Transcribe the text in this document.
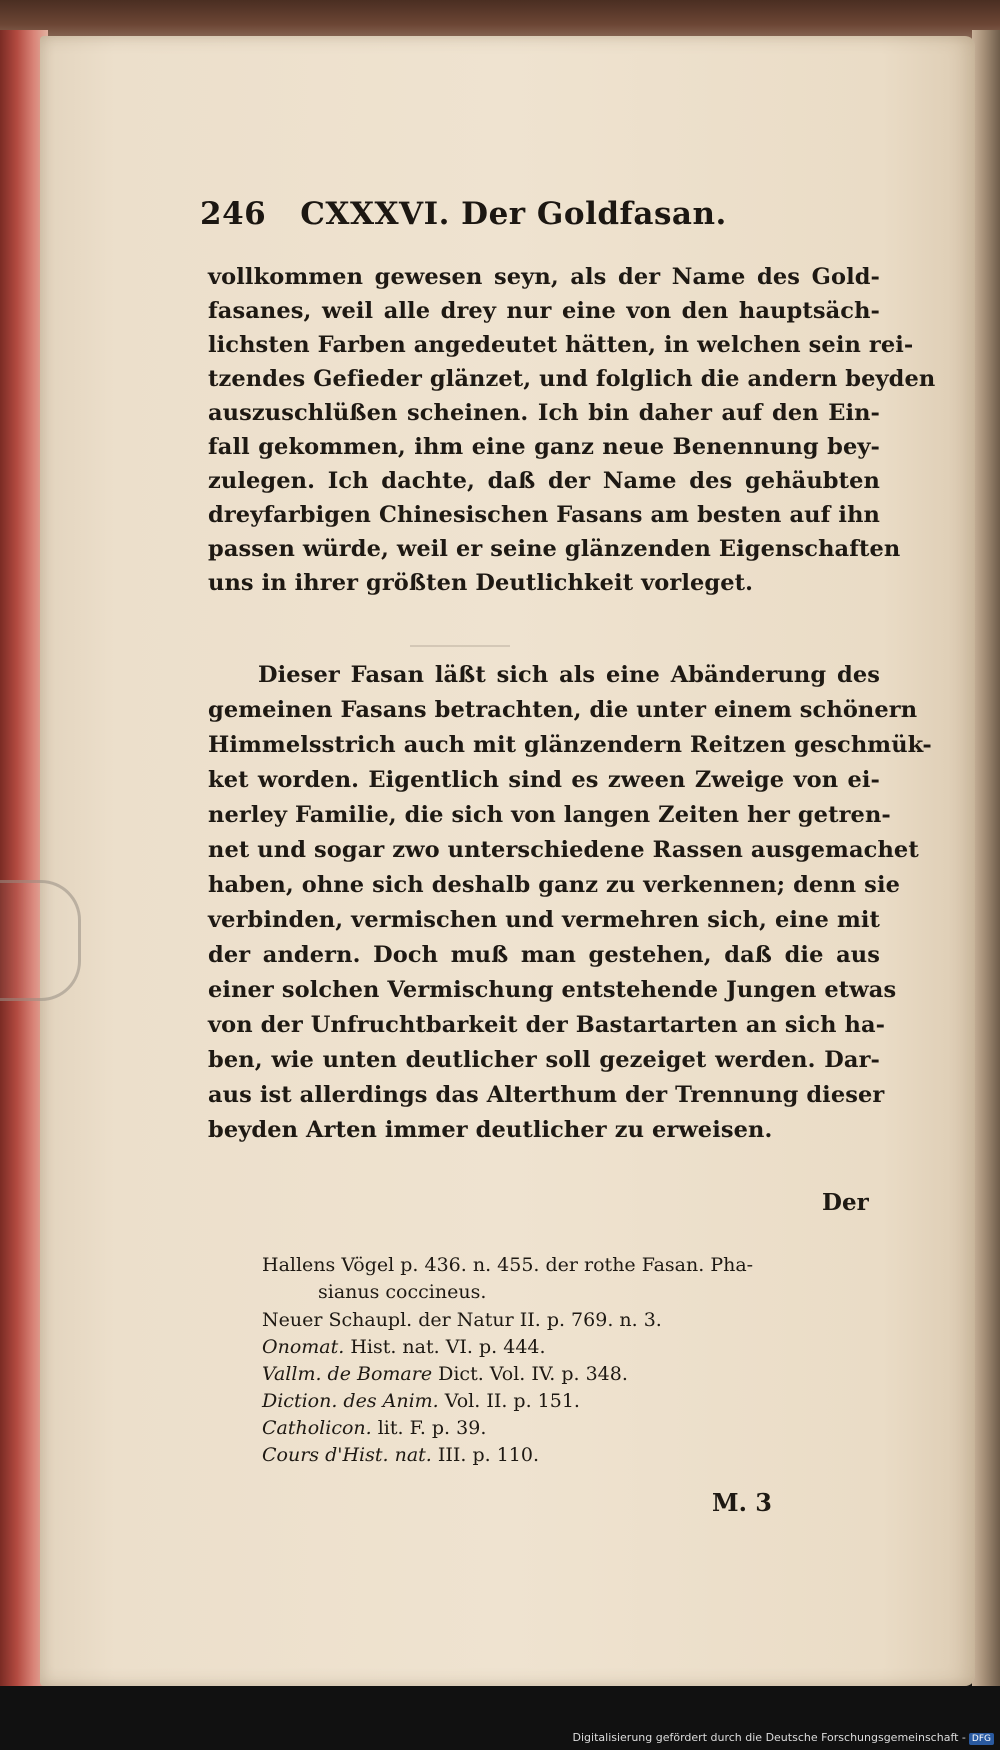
246 CXXXVI. Der Goldfasan.
vollkommen gewesen seyn, als der Name des Gold-
fasanes, weil alle drey nur eine von den hauptsäch-
lichsten Farben angedeutet hätten, in welchen sein rei-
tzendes Gefieder glänzet, und folglich die andern beyden
auszuschlüßen scheinen. Ich bin daher auf den Ein-
fall gekommen, ihm eine ganz neue Benennung bey-
zulegen. Ich dachte, daß der Name des gehäubten
dreyfarbigen Chinesischen Fasans am besten auf ihn
passen würde, weil er seine glänzenden Eigenschaften
uns in ihrer größten Deutlichkeit vorleget.
Dieser Fasan läßt sich als eine Abänderung des
gemeinen Fasans betrachten, die unter einem schönern
Himmelsstrich auch mit glänzendern Reitzen geschmük-
ket worden. Eigentlich sind es zween Zweige von ei-
nerley Familie, die sich von langen Zeiten her getren-
net und sogar zwo unterschiedene Rassen ausgemachet
haben, ohne sich deshalb ganz zu verkennen; denn sie
verbinden, vermischen und vermehren sich, eine mit
der andern. Doch muß man gestehen, daß die aus
einer solchen Vermischung entstehende Jungen etwas
von der Unfruchtbarkeit der Bastartarten an sich ha-
ben, wie unten deutlicher soll gezeiget werden. Dar-
aus ist allerdings das Alterthum der Trennung dieser
beyden Arten immer deutlicher zu erweisen.
Der
Hallens Vögel p. 436. n. 455. der rothe Fasan. Pha-
sianus coccineus.
Neuer Schaupl. der Natur II. p. 769. n. 3.
Onomat. Hist. nat. VI. p. 444.
Vallm. de Bomare Dict. Vol. IV. p. 348.
Diction. des Anim. Vol. II. p. 151.
Catholicon. lit. F. p. 39.
Cours d'Hist. nat. III. p. 110.
M. 3
Digitalisierung gefördert durch die Deutsche Forschungsgemeinschaft - DFG
